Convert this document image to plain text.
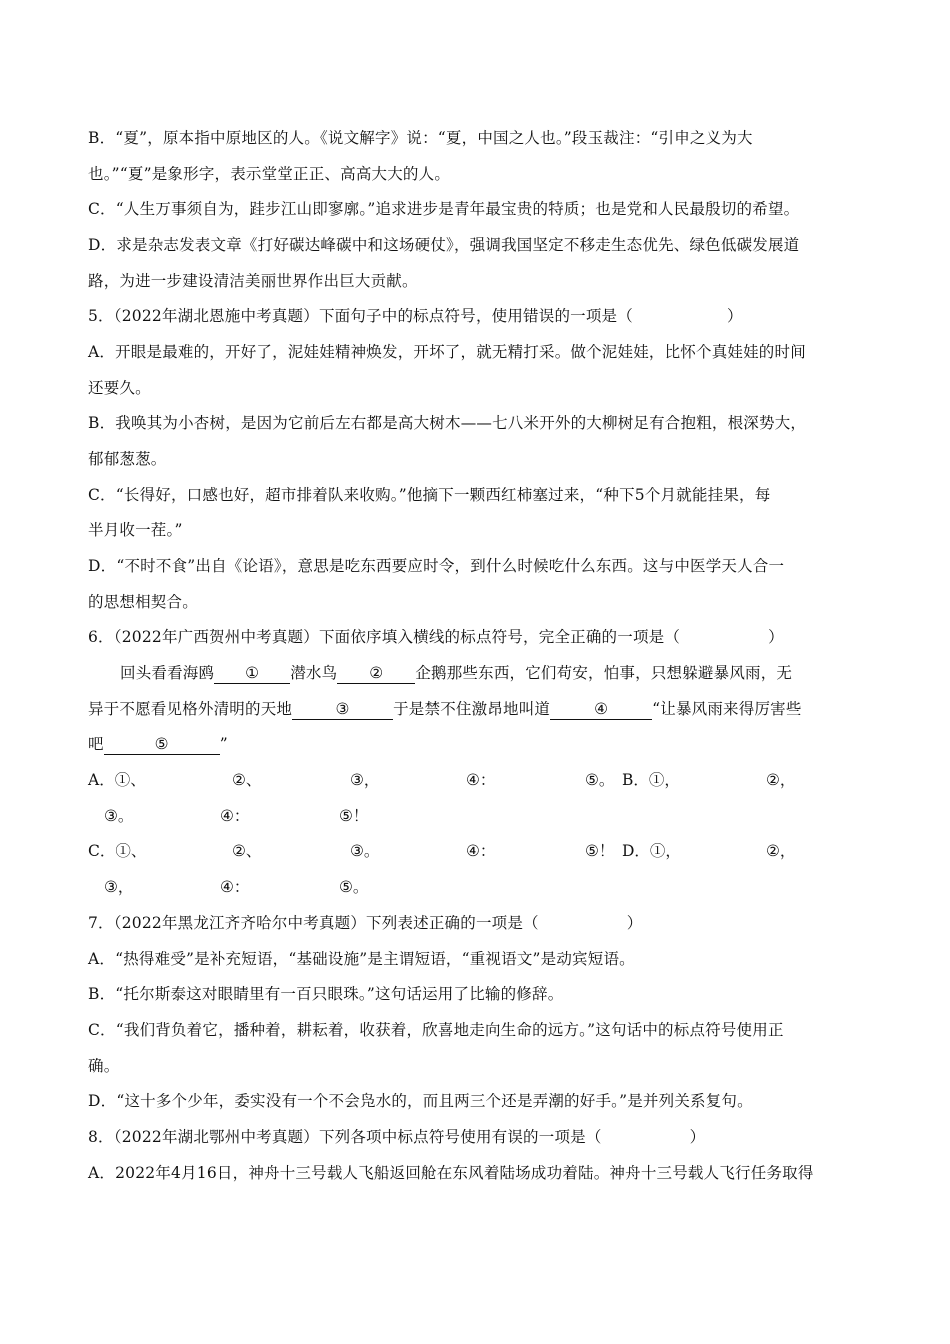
B．“夏”，原本指中原地区的人。《说文解字》说：“夏，中国之人也。”段玉裁注：“引申之义为大
也。”“夏”是象形字，表示堂堂正正、高高大大的人。
C．“人生万事须自为，跬步江山即寥廓。”追求进步是青年最宝贵的特质；也是党和人民最殷切的希望。
D．求是杂志发表文章《打好碳达峰碳中和这场硬仗》，强调我国坚定不移走生态优先、绿色低碳发展道
路，为进一步建设清洁美丽世界作出巨大贡献。
5．（2022年湖北恩施中考真题）下面句子中的标点符号，使用错误的一项是（	）
A．开眼是最难的，开好了，泥娃娃精神焕发，开坏了，就无精打采。做个泥娃娃，比怀个真娃娃的时间
还要久。
B．我唤其为小杏树，是因为它前后左右都是高大树木——七八米开外的大柳树足有合抱粗，根深势大，
郁郁葱葱。
C．“长得好，口感也好，超市排着队来收购。”他摘下一颗西红柿塞过来，“种下5个月就能挂果，每
半月收一茬。”
D．“不时不食”出自《论语》，意思是吃东西要应时令，到什么时候吃什么东西。这与中医学天人合一
的思想相契合。
6．（2022年广西贺州中考真题）下面依序填入横线的标点符号，完全正确的一项是（	）
回头看看海鸥 ① 潜水鸟 ② 企鹅那些东西，它们苟安，怕事，只想躲避暴风雨，无
异于不愿看见格外清明的天地	③	于是禁不住激昂地叫道	④	“让暴风雨来得厉害些
吧	⑤	”
A．①、	②、	③，	④：	⑤。 B．①，	②，
③。	④：	⑤！
C．①、	②、	③。	④：	⑤！ D．①，	②，
③，	④：	⑤。
7．（2022年黑龙江齐齐哈尔中考真题）下列表述正确的一项是（	）
A．“热得难受”是补充短语，“基础设施”是主谓短语，“重视语文”是动宾短语。
B．“托尔斯泰这对眼睛里有一百只眼珠。”这句话运用了比输的修辞。
C．“我们背负着它，播种着，耕耘着，收获着，欣喜地走向生命的远方。”这句话中的标点符号使用正
确。
D．“这十多个少年，委实没有一个不会凫水的，而且两三个还是弄潮的好手。”是并列关系复句。
8．（2022年湖北鄂州中考真题）下列各项中标点符号使用有误的一项是（	）
A．2022年4月16日，神舟十三号载人飞船返回舱在东风着陆场成功着陆。神舟十三号载人飞行任务取得
